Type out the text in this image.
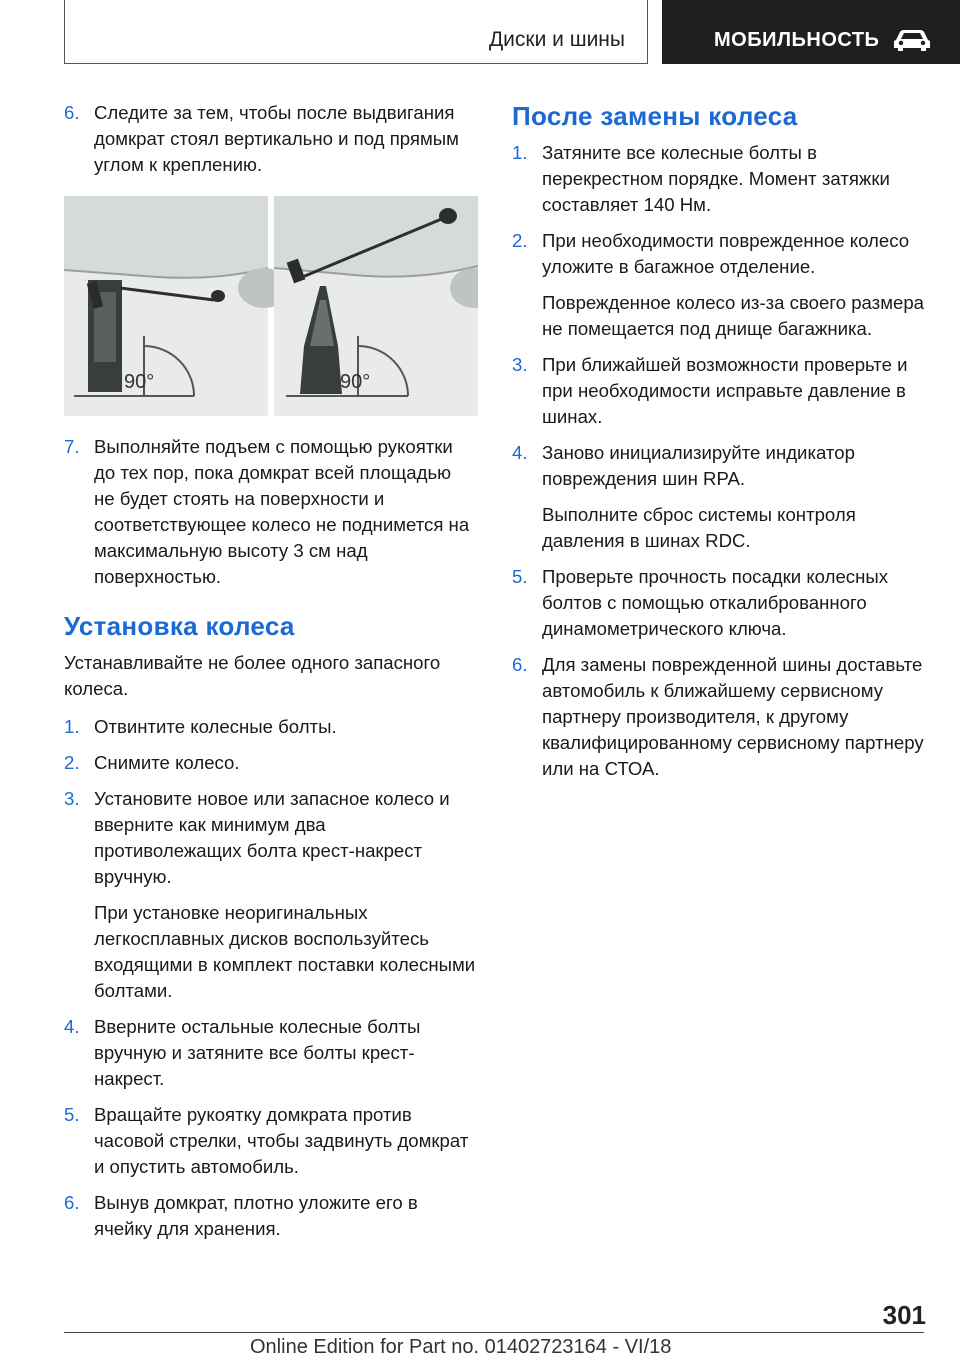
Диски и шины	МОБИЛЬНОСТЬ
6. Следите за тем, чтобы после выдвигания домкрат стоял вертикально и под прямым углом к креплению.

90°	90°
7. Выполняйте подъем с помощью рукоятки до тех пор, пока домкрат всей площадью не будет стоять на поверхности и соответствующее колесо не поднимется на максимальную высоту 3 см над поверхностью.

Установка колеса

Устанавливайте не более одного запасного колеса.

1. Отвинтите колесные болты.

2. Снимите колесо.

3. Установите новое или запасное колесо и вверните как минимум два противолежащих болта крест-накрест вручную.

При установке неоригинальных легкосплавных дисков воспользуйтесь входящими в комплект поставки колесными болтами.

4. Вверните остальные колесные болты вручную и затяните все болты крест-накрест.

5. Вращайте рукоятку домкрата против часовой стрелки, чтобы задвинуть домкрат и опустить автомобиль.

6. Вынув домкрат, плотно уложите его в ячейку для хранения.

После замены колеса
1. Затяните все колесные болты в перекрестном порядке. Момент затяжки составляет 140 Нм.

2. При необходимости поврежденное колесо уложите в багажное отделение.

Поврежденное колесо из-за своего размера не помещается под днище багажника.

3. При ближайшей возможности проверьте и при необходимости исправьте давление в шинах.

4. Заново инициализируйте индикатор повреждения шин RPA.

Выполните сброс системы контроля давления в шинах RDC.

5. Проверьте прочность посадки колесных болтов с помощью откалиброванного динамометрического ключа.

6. Для замены поврежденной шины доставьте автомобиль к ближайшему сервисному партнеру производителя, к другому квалифицированному сервисному партнеру или на СТОА.

301
Online Edition for Part no. 01402723164 - VI/18
